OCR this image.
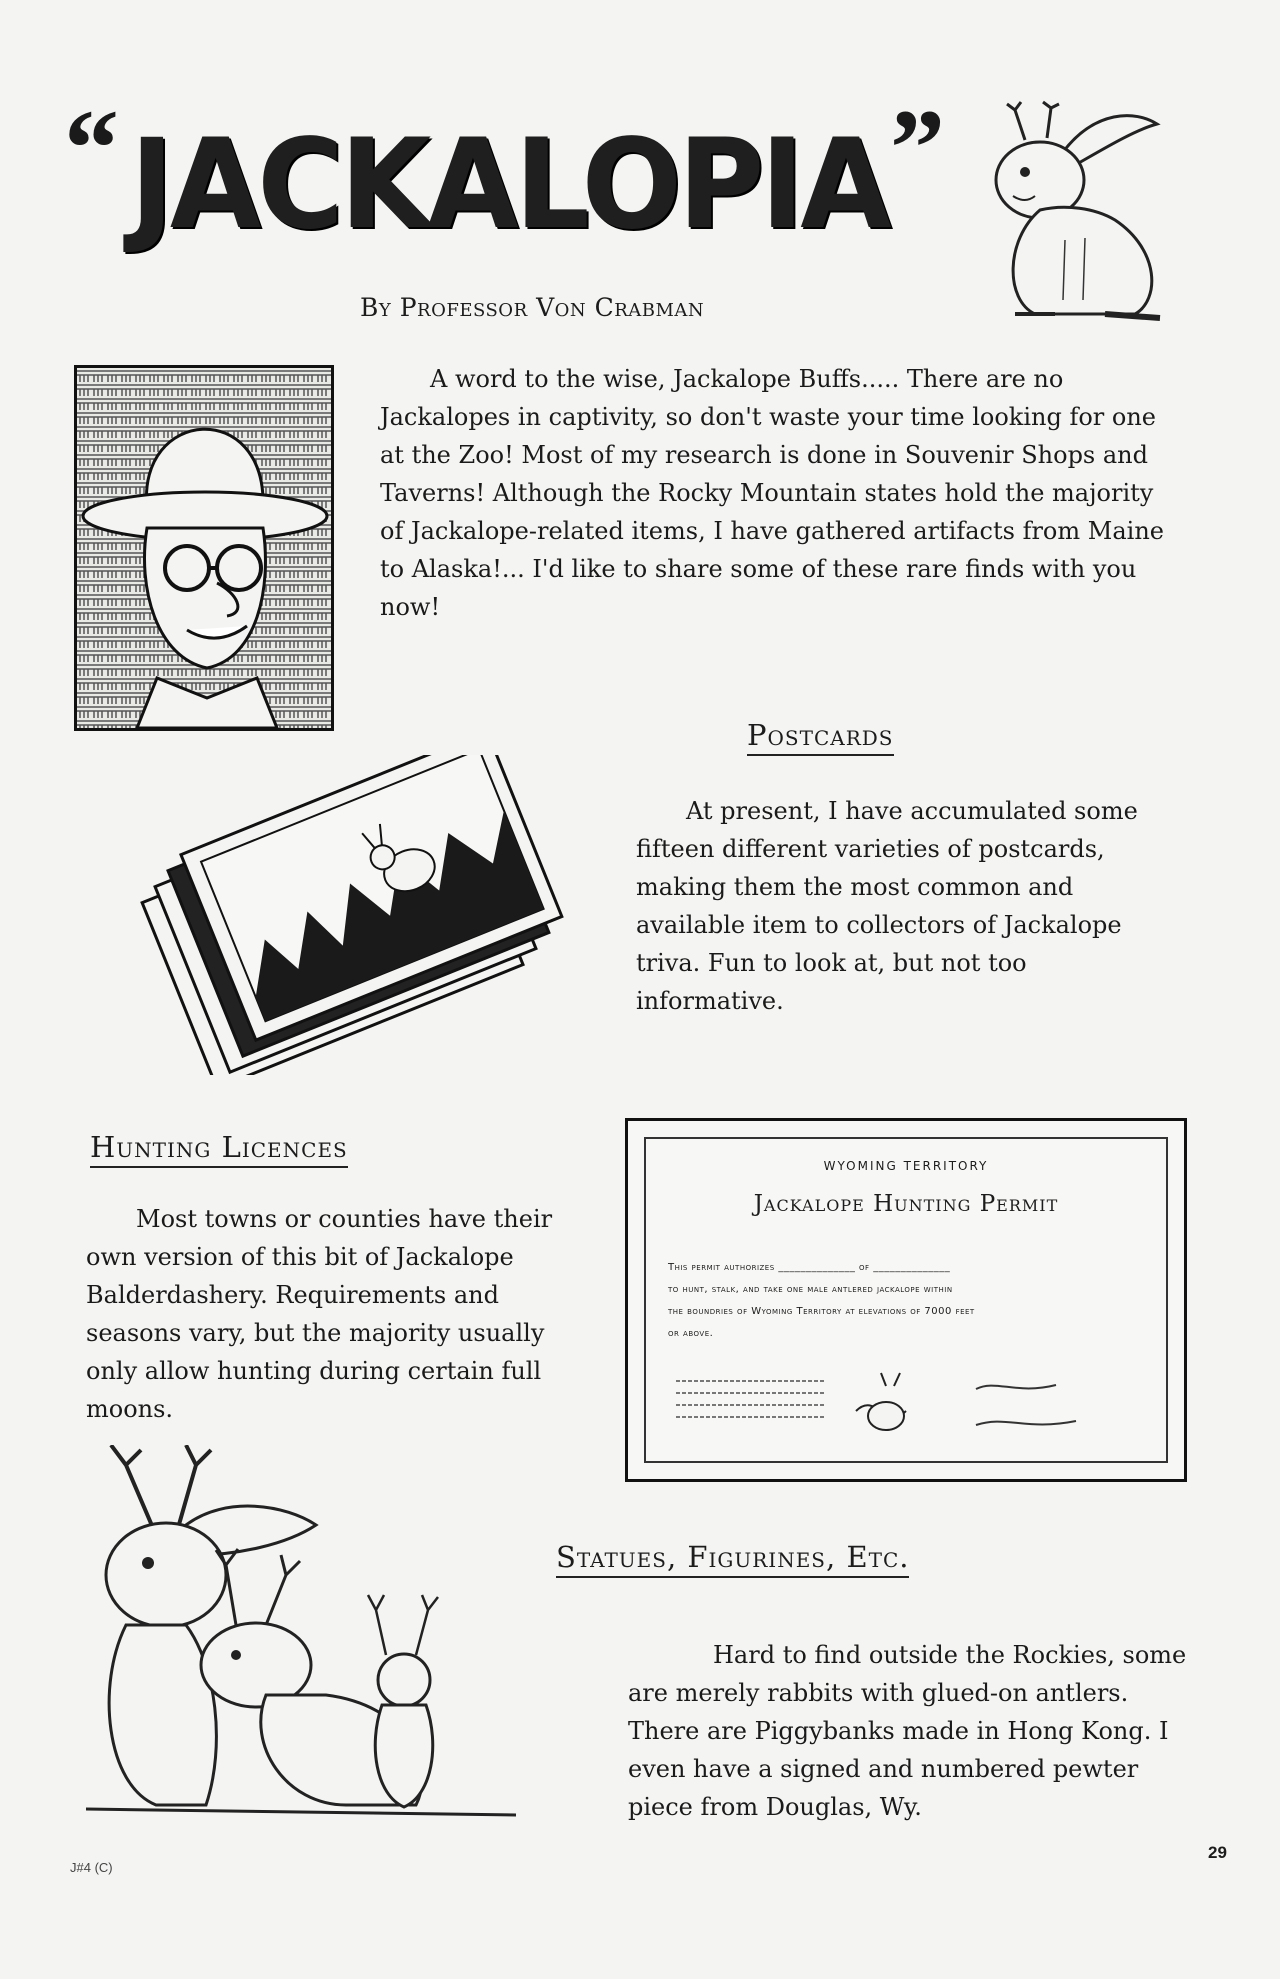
“ JACKALOPIA ”
By Professor Von Crabman
A word to the wise, Jackalope Buffs..... There are no Jackalopes in captivity, so don't waste your time looking for one at the Zoo! Most of my research is done in Souvenir Shops and Taverns! Although the Rocky Mountain states hold the majority of Jackalope-related items, I have gathered artifacts from Maine to Alaska!... I'd like to share some of these rare finds with you now!
Postcards
At present, I have accumulated some fifteen different varieties of postcards, making them the most common and available item to collectors of Jackalope triva. Fun to look at, but not too informative.
Hunting Licences
Most towns or counties have their own version of this bit of Jackalope Balderdashery. Requirements and seasons vary, but the majority usually only allow hunting during certain full moons.
WYOMING TERRITORY
Jackalope Hunting Permit
This permit authorizes ______________ of ______________
to hunt, stalk, and take one male antlered jackalope within
the boundries of Wyoming Territory at elevations of 7000 feet
or above.
Statues, Figurines, Etc.
Hard to find outside the Rockies, some are merely rabbits with glued-on antlers. There are Piggybanks made in Hong Kong. I even have a signed and numbered pewter piece from Douglas, Wy.
29
J#4 (C)
